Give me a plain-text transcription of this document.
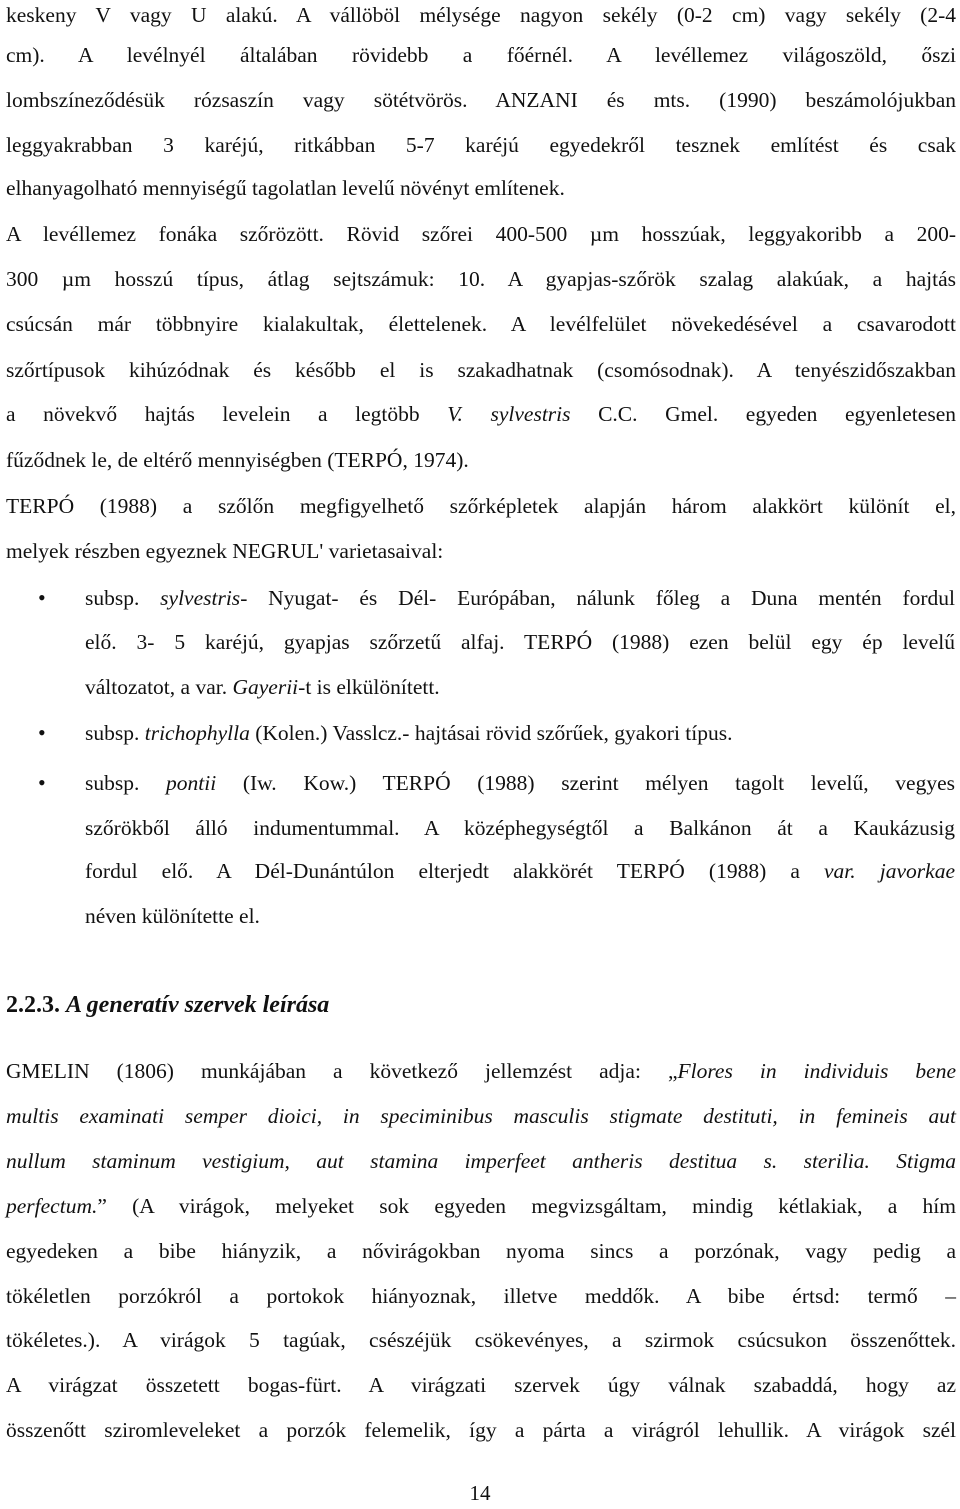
keskeny V vagy U alakú. A vállöböl mélysége nagyon sekély (0-2 cm) vagy sekély (2-4
cm). A levélnyél általában rövidebb a főérnél. A levéllemez világoszöld, őszi
lombszíneződésük rózsaszín vagy sötétvörös. ANZANI és mts. (1990) beszámolójukban
leggyakrabban 3 karéjú, ritkábban 5-7 karéjú egyedekről tesznek említést és csak
elhanyagolható mennyiségű tagolatlan levelű növényt említenek.
A levéllemez fonáka szőrözött. Rövid szőrei 400-500 µm hosszúak, leggyakoribb a 200-
300 µm hosszú típus, átlag sejtszámuk: 10. A gyapjas-szőrök szalag alakúak, a hajtás
csúcsán már többnyire kialakultak, élettelenek. A levélfelület növekedésével a csavarodott
szőrtípusok kihúzódnak és később el is szakadhatnak (csomósodnak). A tenyészidőszakban
a növekvő hajtás levelein a legtöbb V. sylvestris C.C. Gmel. egyeden egyenletesen
fűződnek le, de eltérő mennyiségben (TERPÓ, 1974).
TERPÓ (1988) a szőlőn megfigyelhető szőrképletek alapján három alakkört különít el,
melyek részben egyeznek NEGRUL' varietasaival:
• subsp. sylvestris- Nyugat- és Dél- Európában, nálunk főleg a Duna mentén fordul
elő. 3- 5 karéjú, gyapjas szőrzetű alfaj. TERPÓ (1988) ezen belül egy ép levelű
változatot, a var. Gayerii-t is elkülönített.
• subsp. trichophylla (Kolen.) Vasslcz.- hajtásai rövid szőrűek, gyakori típus.
• subsp. pontii (Iw. Kow.) TERPÓ (1988) szerint mélyen tagolt levelű, vegyes
szőrökből álló indumentummal. A középhegységtől a Balkánon át a Kaukázusig
fordul elő. A Dél-Dunántúlon elterjedt alakkörét TERPÓ (1988) a var. javorkae
néven különítette el.
2.2.3. A generatív szervek leírása
GMELIN (1806) munkájában a következő jellemzést adja: „Flores in individuis bene
multis examinati semper dioici, in speciminibus masculis stigmate destituti, in femineis aut
nullum staminum vestigium, aut stamina imperfeet antheris destitua s. sterilia. Stigma
perfectum.” (A virágok, melyeket sok egyeden megvizsgáltam, mindig kétlakiak, a hím
egyedeken a bibe hiányzik, a nővirágokban nyoma sincs a porzónak, vagy pedig a
tökéletlen porzókról a portokok hiányoznak, illetve meddők. A bibe értsd: termő –
tökéletes.). A virágok 5 tagúak, csészéjük csökevényes, a szirmok csúcsukon összenőttek.
A virágzat összetett bogas-fürt. A virágzati szervek úgy válnak szabaddá, hogy az
összenőtt sziromleveleket a porzók felemelik, így a párta a virágról lehullik. A virágok szél
14
